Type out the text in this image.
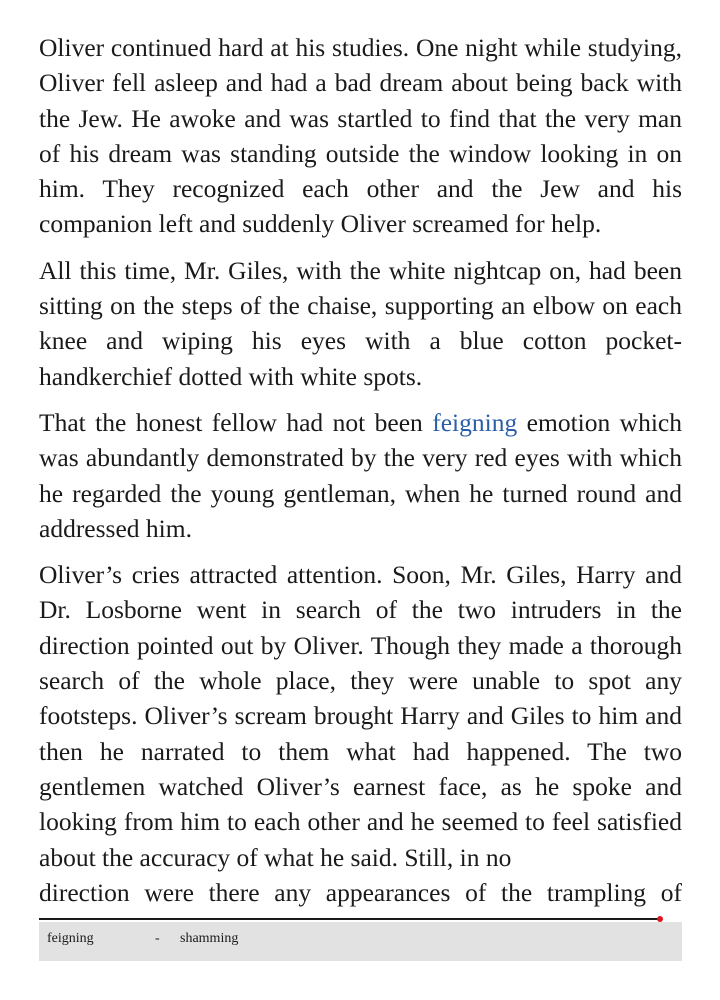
Oliver continued hard at his studies. One night while studying, Oliver fell asleep and had a bad dream about being back with the Jew. He awoke and was startled to find that the very man of his dream was standing outside the window looking in on him. They recognized each other and the Jew and his companion left and suddenly Oliver screamed for help.

All this time, Mr. Giles, with the white nightcap on, had been sitting on the steps of the chaise, supporting an elbow on each knee and wiping his eyes with a blue cotton pocket-handkerchief dotted with white spots.

That the honest fellow had not been feigning emotion which was abundantly demonstrated by the very red eyes with which he regarded the young gentleman, when he turned round and addressed him.

Oliver’s cries attracted attention. Soon, Mr. Giles, Harry and Dr. Losborne went in search of the two intruders in the direction pointed out by Oliver. Though they made a thorough search of the whole place, they were unable to spot any footsteps. Oliver’s scream brought Harry and Giles to him and then he narrated to them what had happened. The two gentlemen watched Oliver’s earnest face, as he spoke and looking from him to each other and he seemed to feel satisfied about the accuracy of what he said. Still, in no
direction were there any appearances of the trampling of

feigning	- shamming
